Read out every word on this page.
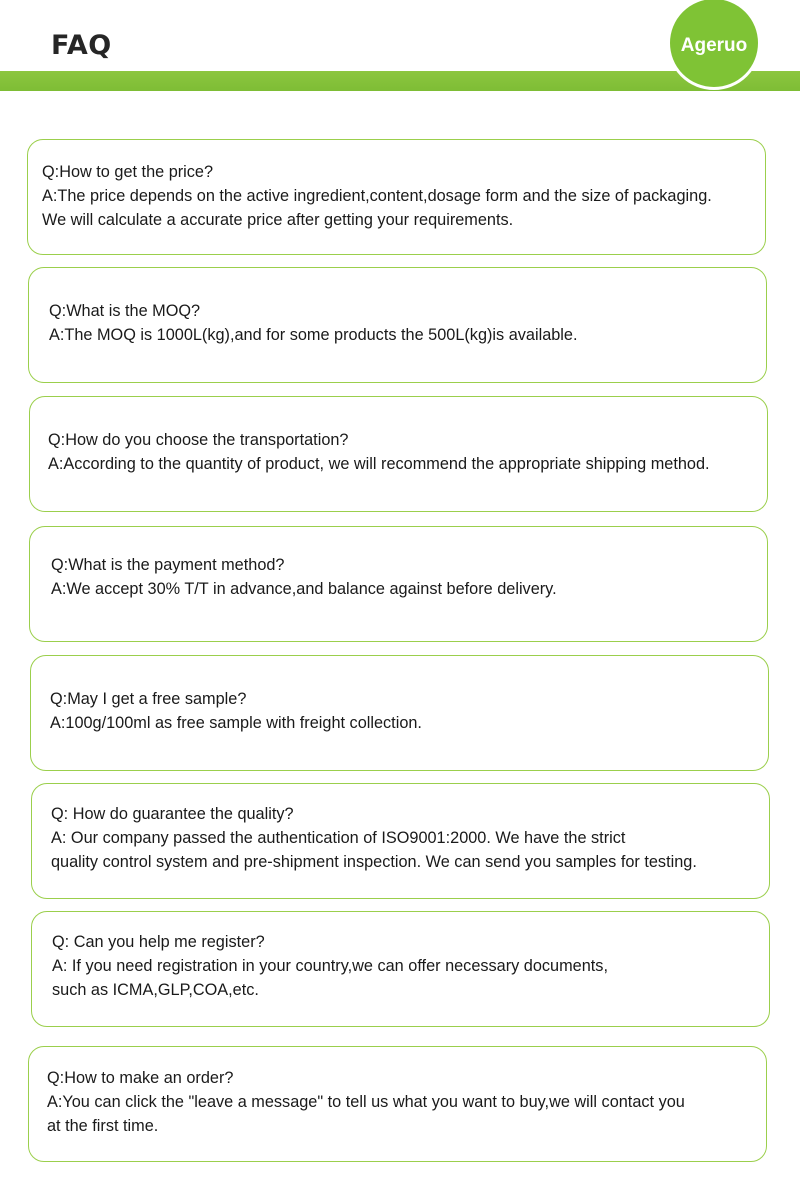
FAQ	Ageruo

Q:How to get the price?

A:The price depends on the active ingredient,content,dosage form and the size of packaging.

We will calculate a accurate price after getting your requirements.

Q:What is the MOQ?

A:The MOQ is 1000L(kg),and for some products the 500L(kg)is available.

Q:How do you choose the transportation?

A:According to the quantity of product, we will recommend the appropriate shipping method.

Q:What is the payment method?

A:We accept 30% T/T in advance,and balance against before delivery.

Q:May I get a free sample?

A:100g/100ml as free sample with freight collection.

Q: How do guarantee the quality?

A: Our company passed the authentication of ISO9001:2000. We have the strict

quality control system and pre-shipment inspection. We can send you samples for testing.

Q: Can you help me register?

A: If you need registration in your country,we can offer necessary documents,

such as ICMA,GLP,COA,etc.

Q:How to make an order?

A:You can click the "leave a message" to tell us what you want to buy,we will contact you

at the first time.
